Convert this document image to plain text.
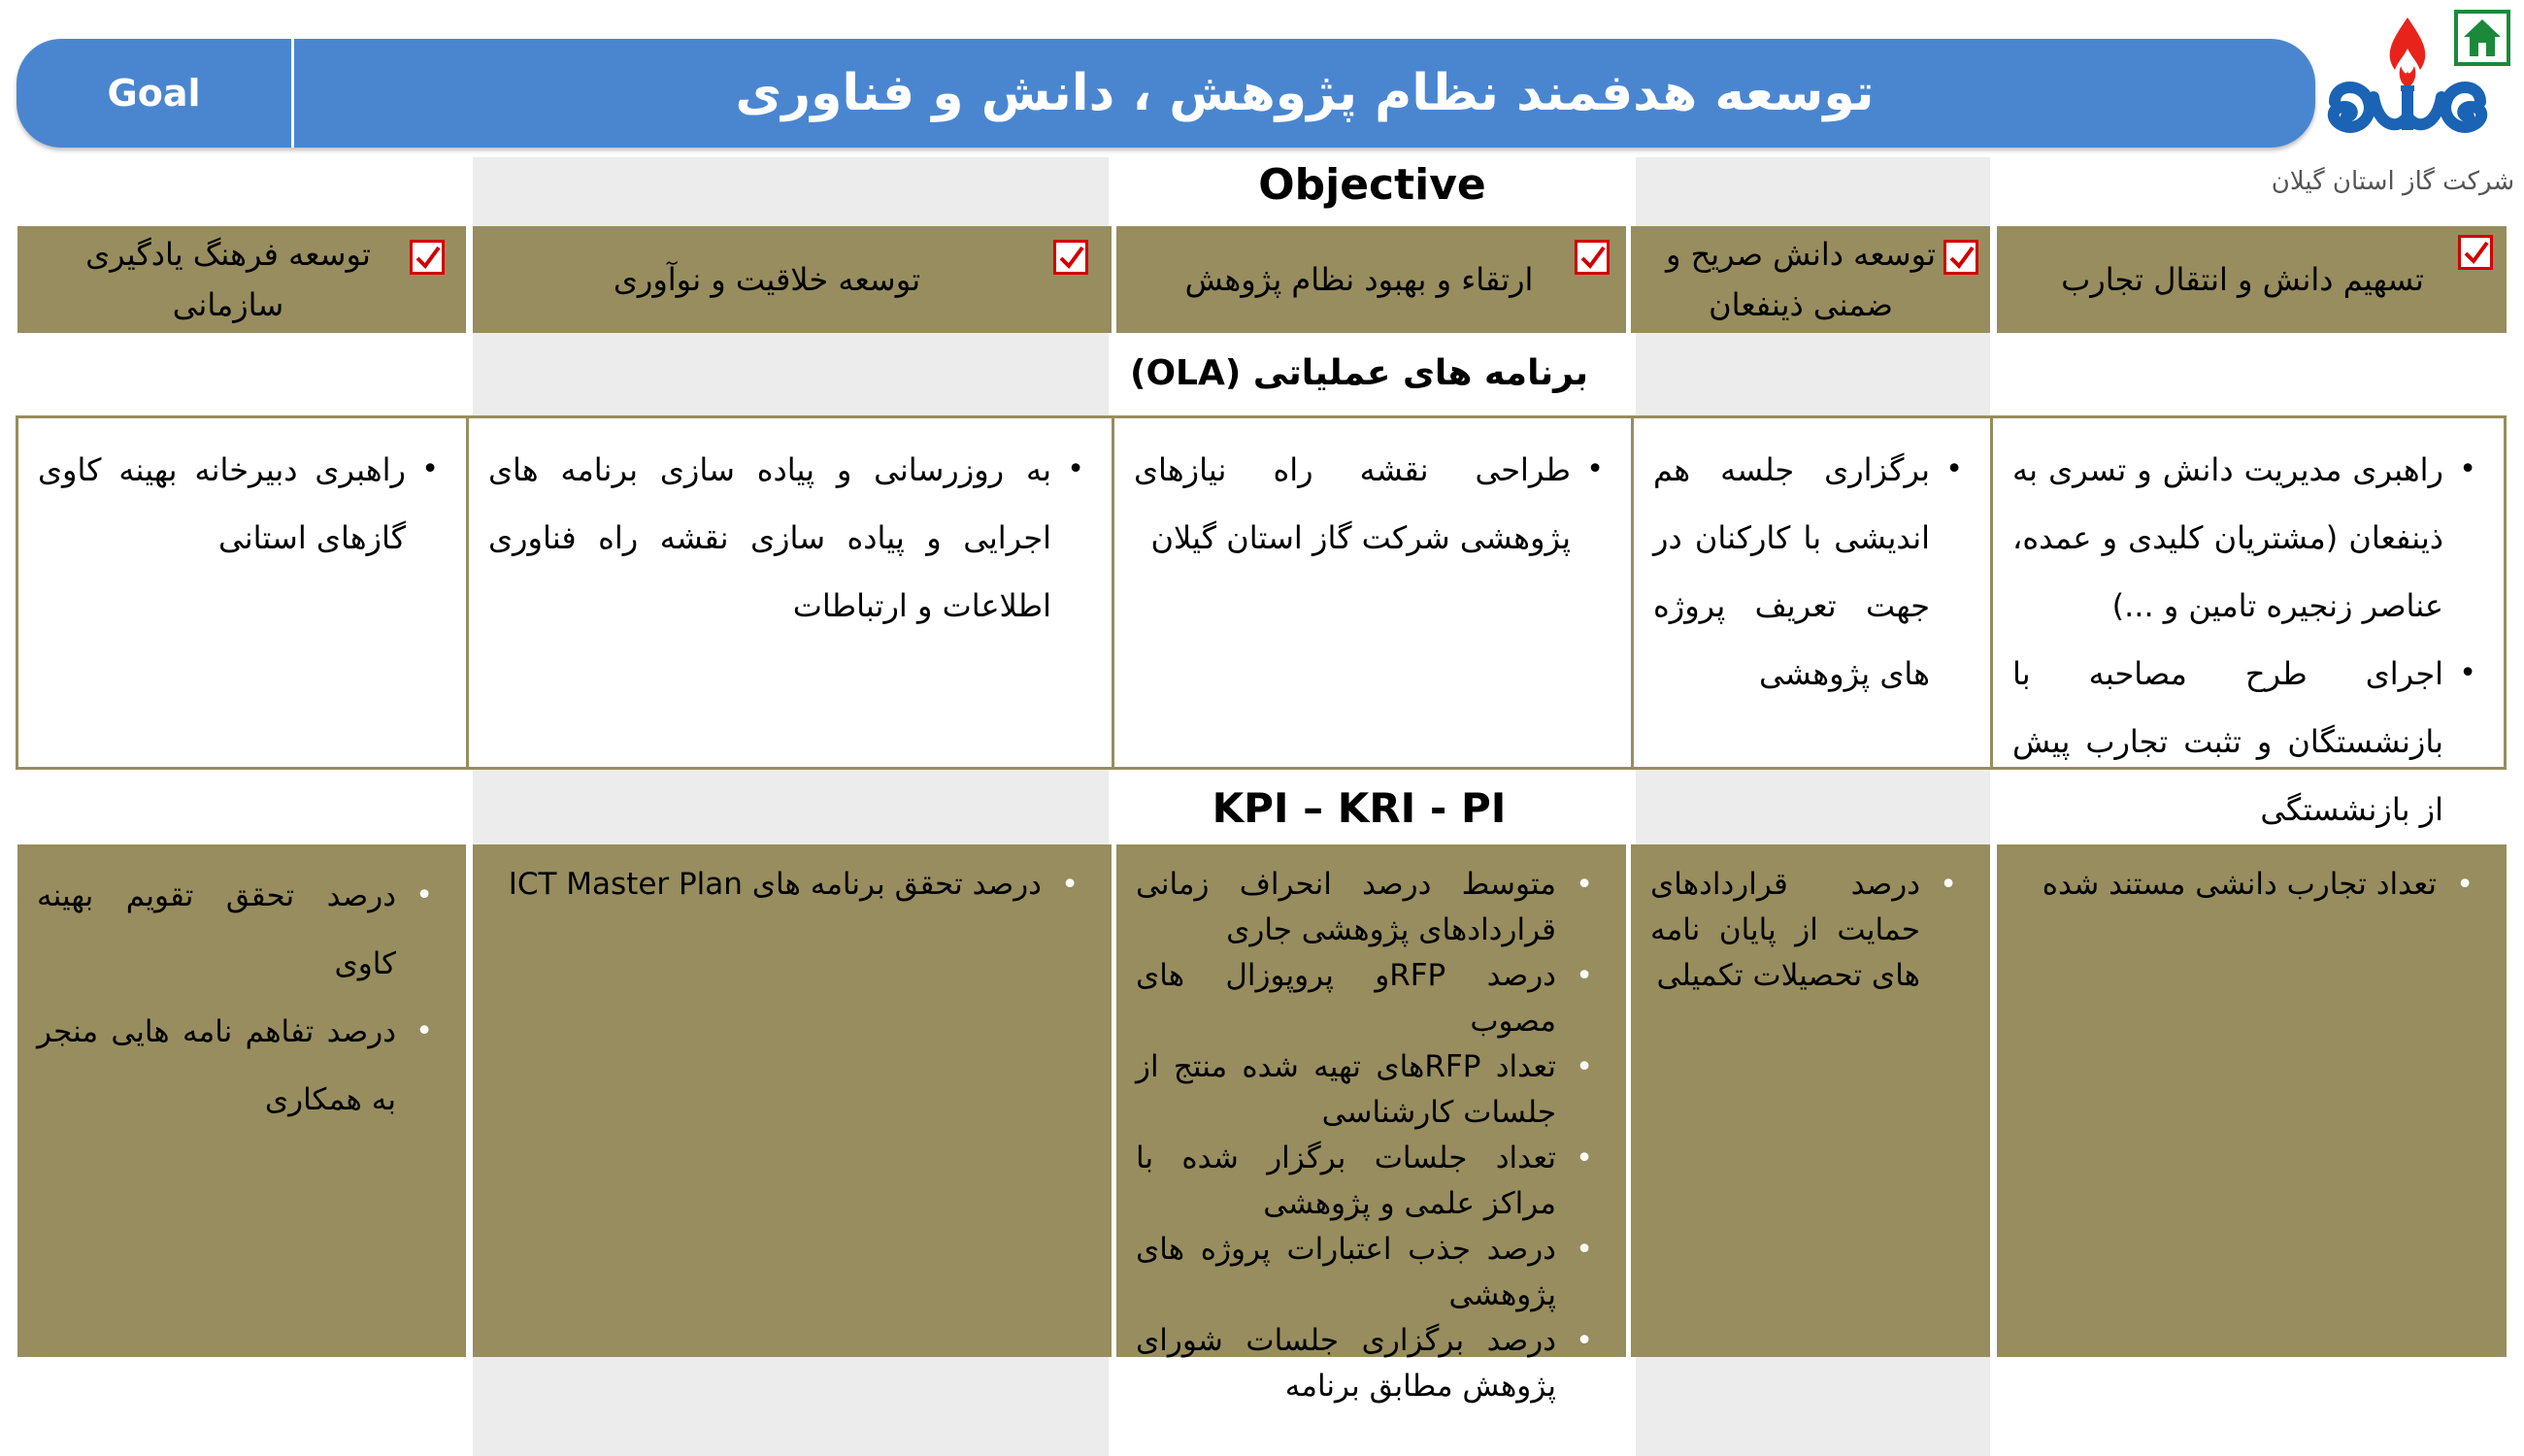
Goal	توسعه هدفمند نظام پژوهش ، دانش و فناوری
شرکت گاز استان گیلان
Objective
تسهیم دانش و انتقال تجارب
توسعه دانش صریح و ضمنی ذینفعان
ارتقاء و بهبود نظام پژوهش
توسعه خلاقیت و نوآوری
توسعه فرهنگ یادگیری سازمانی
برنامه های عملیاتی (OLA)
• راهبری مدیریت دانش و تسری به ذینفعان (مشتریان کلیدی و عمده، عناصر زنجیره تامین و ...)
• اجرای طرح مصاحبه با بازنشستگان و تثبت تجارب پیش از بازنشستگی
• برگزاری جلسه هم اندیشی با کارکنان در جهت تعریف پروژه های پژوهشی
• طراحی نقشه راه نیازهای پژوهشی شرکت گاز استان گیلان
• به روزرسانی و پیاده سازی برنامه های اجرایی و پیاده سازی نقشه راه فناوری اطلاعات و ارتباطات
• راهبری دبیرخانه بهینه کاوی گازهای استانی
KPI – KRI - PI
• تعداد تجارب دانشی مستند شده
• درصد قراردادهای حمایت از پایان نامه های تحصیلات تکمیلی
• متوسط درصد انحراف زمانی قراردادهای پژوهشی جاری
• درصد RFPو پروپوزال های مصوب
• تعداد RFPهای تهیه شده منتج از جلسات کارشناسی
• تعداد جلسات برگزار شده با مراکز علمی و پژوهشی
• درصد جذب اعتبارات پروژه های پژوهشی
• درصد برگزاری جلسات شورای پژوهش مطابق برنامه
• درصد تحقق برنامه های ICT Master Plan
• درصد تحقق تقویم بهینه کاوی
• درصد تفاهم نامه هایی منجر به همکاری
